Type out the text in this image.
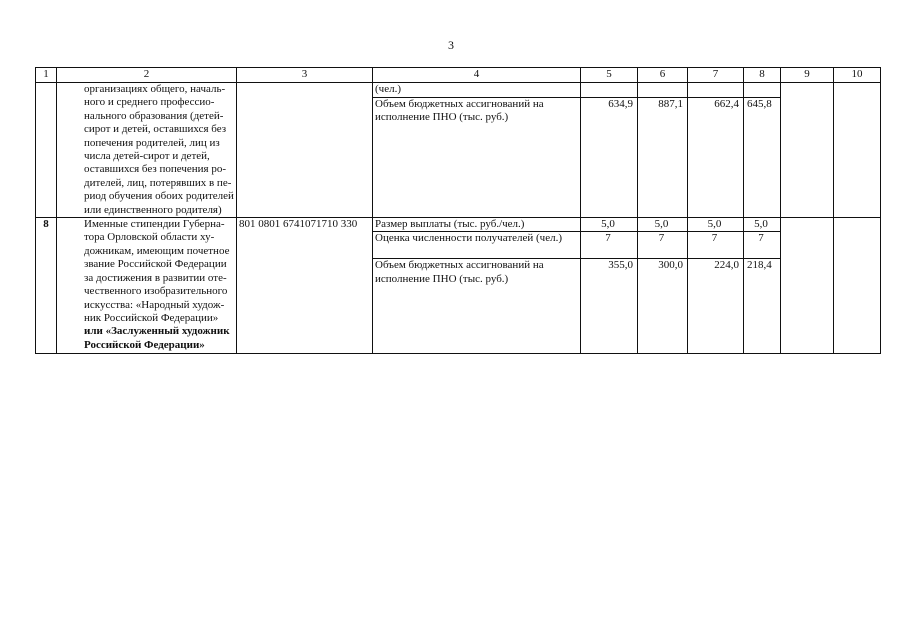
3
1	2	3	4	5	6	7	8	9	10
	организациях общего, началь-ного и среднего профессио-нального образования (детей-сирот и детей, оставшихся без попечения родителей, лиц из числа детей-сирот и детей, оставшихся без попечения ро-дителей, лиц, потерявших в пе-риод обучения обоих родителей или единственного родителя)		(чел.)						
			Объем бюджетных ассигнований на исполнение ПНО (тыс. руб.)	634,9	887,1	662,4	645,8		
8	Именные стипендии Губерна-тора Орловской области ху-дожникам, имеющим почетное звание Российской Федерации за достижения в развитии оте-чественного изобразительного искусства: «Народный худож-ник Российской Федерации» или «Заслуженный художник Российской Федерации»	801 0801 6741071710 330	Размер выплаты (тыс. руб./чел.)	5,0	5,0	5,0	5,0		
			Оценка численности получателей (чел.)	7	7	7	7		
			Объем бюджетных ассигнований на исполнение ПНО (тыс. руб.)	355,0	300,0	224,0	218,4		
